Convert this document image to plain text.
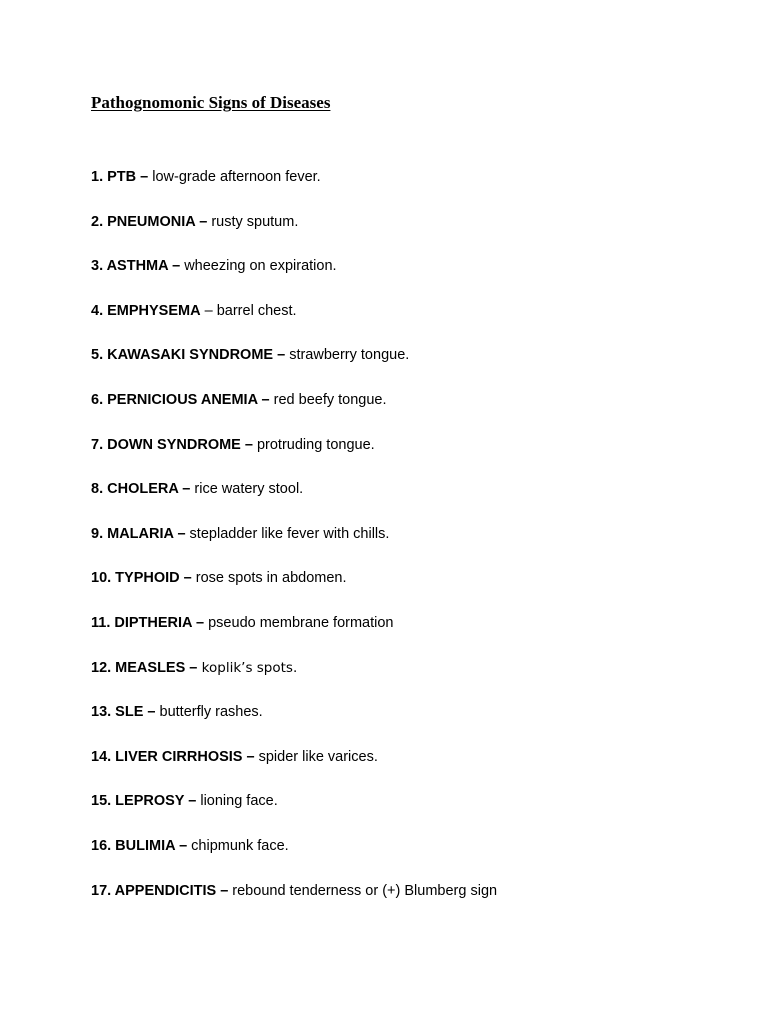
Pathognomonic Signs of Diseases
1. PTB – low-grade afternoon fever.
2. PNEUMONIA – rusty sputum.
3. ASTHMA – wheezing on expiration.
4. EMPHYSEMA – barrel chest.
5. KAWASAKI SYNDROME – strawberry tongue.
6. PERNICIOUS ANEMIA – red beefy tongue.
7. DOWN SYNDROME – protruding tongue.
8. CHOLERA – rice watery stool.
9. MALARIA – stepladder like fever with chills.
10. TYPHOID – rose spots in abdomen.
11. DIPTHERIA – pseudo membrane formation
12. MEASLES – koplik’s spots.
13. SLE – butterfly rashes.
14. LIVER CIRRHOSIS – spider like varices.
15. LEPROSY – lioning face.
16. BULIMIA – chipmunk face.
17. APPENDICITIS – rebound tenderness or (+) Blumberg sign
